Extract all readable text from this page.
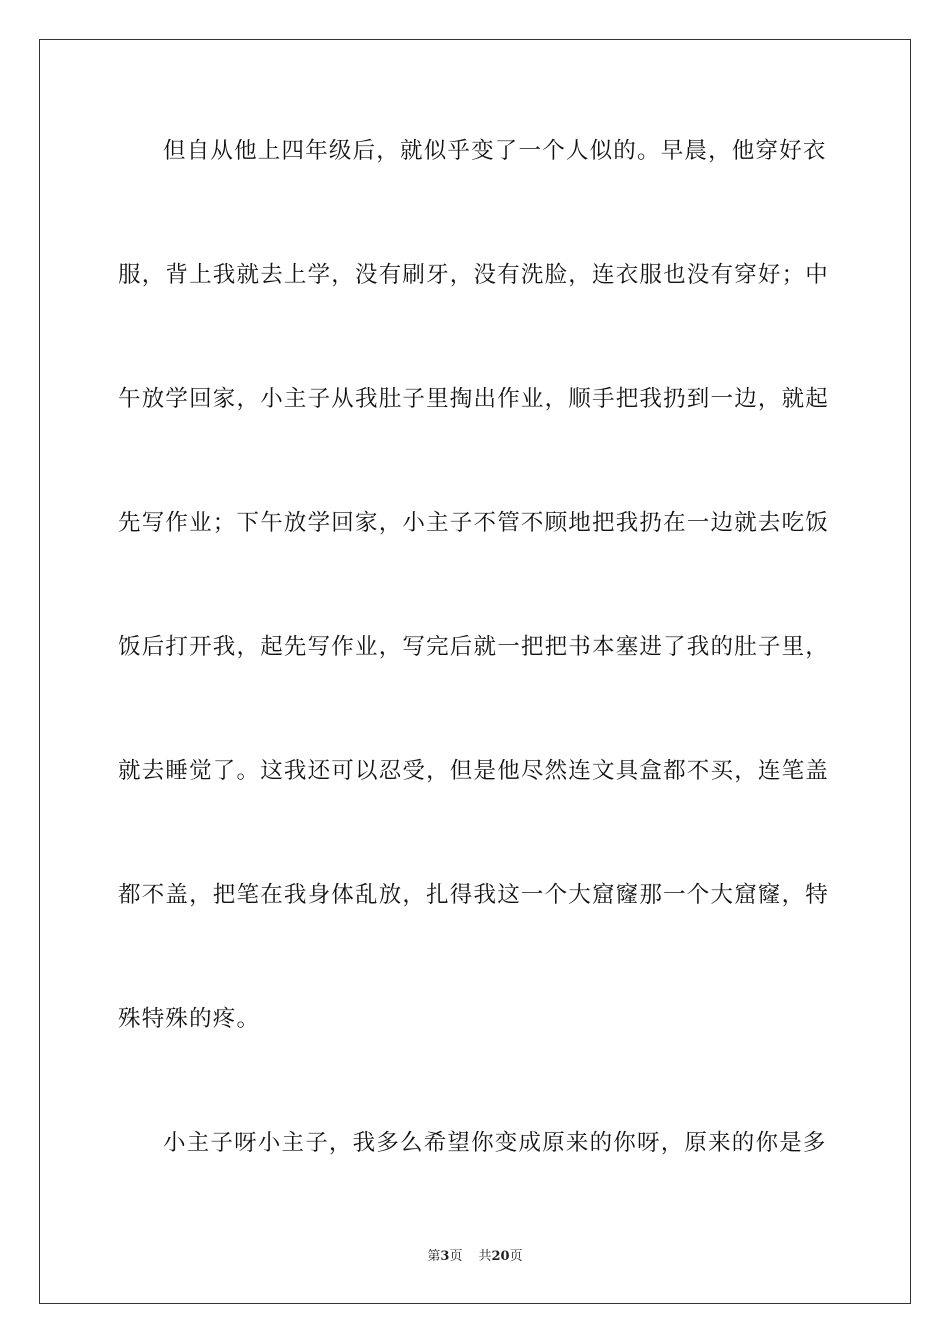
但自从他上四年级后，就似乎变了一个人似的。早晨，他穿好衣
服，背上我就去上学，没有刷牙，没有洗脸，连衣服也没有穿好；中
午放学回家，小主子从我肚子里掏出作业，顺手把我扔到一边，就起
先写作业；下午放学回家，小主子不管不顾地把我扔在一边就去吃饭
饭后打开我，起先写作业，写完后就一把把书本塞进了我的肚子里，
就去睡觉了。这我还可以忍受，但是他尽然连文具盒都不买，连笔盖
都不盖，把笔在我身体乱放，扎得我这一个大窟窿那一个大窟窿，特
殊特殊的疼。
小主子呀小主子，我多么希望你变成原来的你呀，原来的你是多
第3页 共20页
